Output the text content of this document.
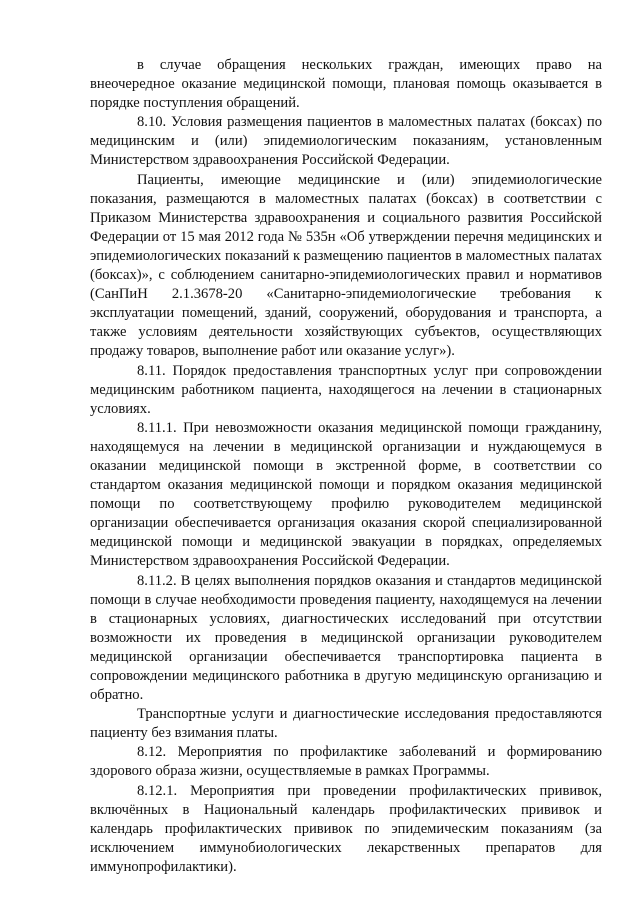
в случае обращения нескольких граждан, имеющих право на внеочередное оказание медицинской помощи, плановая помощь оказывается в порядке поступления обращений.

8.10. Условия размещения пациентов в маломестных палатах (боксах) по медицинским и (или) эпидемиологическим показаниям, установленным Министерством здравоохранения Российской Федерации.

Пациенты, имеющие медицинские и (или) эпидемиологические показания, размещаются в маломестных палатах (боксах) в соответствии с Приказом Министерства здравоохранения и социального развития Российской Федерации от 15 мая 2012 года № 535н «Об утверждении перечня медицинских и эпидемиологических показаний к размещению пациентов в маломестных палатах (боксах)», с соблюдением санитарно-эпидемиологических правил и нормативов (СанПиН 2.1.3678-20 «Санитарно-эпидемиологические требования к эксплуатации помещений, зданий, сооружений, оборудования и транспорта, а также условиям деятельности хозяйствующих субъектов, осуществляющих продажу товаров, выполнение работ или оказание услуг»).

8.11. Порядок предоставления транспортных услуг при сопровождении медицинским работником пациента, находящегося на лечении в стационарных условиях.

8.11.1. При невозможности оказания медицинской помощи гражданину, находящемуся на лечении в медицинской организации и нуждающемуся в оказании медицинской помощи в экстренной форме, в соответствии со стандартом оказания медицинской помощи и порядком оказания медицинской помощи по соответствующему профилю руководителем медицинской организации обеспечивается организация оказания скорой специализированной медицинской помощи и медицинской эвакуации в порядках, определяемых Министерством здравоохранения Российской Федерации.

8.11.2. В целях выполнения порядков оказания и стандартов медицинской помощи в случае необходимости проведения пациенту, находящемуся на лечении в стационарных условиях, диагностических исследований при отсутствии возможности их проведения в медицинской организации руководителем медицинской организации обеспечивается транспортировка пациента в сопровождении медицинского работника в другую медицинскую организацию и обратно.

Транспортные услуги и диагностические исследования предоставляются пациенту без взимания платы.

8.12. Мероприятия по профилактике заболеваний и формированию здорового образа жизни, осуществляемые в рамках Программы.

8.12.1. Мероприятия при проведении профилактических прививок, включённых в Национальный календарь профилактических прививок и календарь профилактических прививок по эпидемическим показаниям (за исключением иммунобиологических лекарственных препаратов для иммунопрофилактики).
